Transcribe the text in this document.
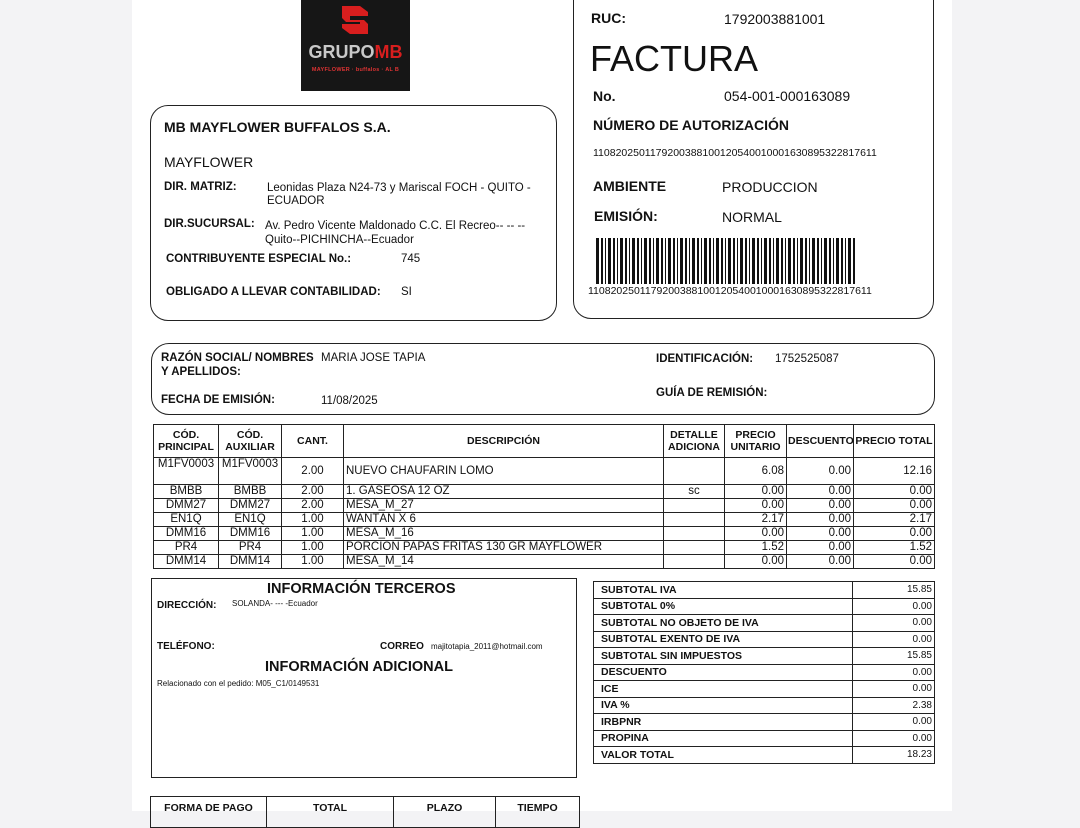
GRUPOMB
MAYFLOWER · buffalos · AL B
MB MAYFLOWER BUFFALOS S.A.
MAYFLOWER
DIR. MATRIZ:	Leonidas Plaza N24-73 y Mariscal FOCH - QUITO -
ECUADOR
DIR.SUCURSAL: Av. Pedro Vicente Maldonado C.C. El Recreo-- -- --
Quito--PICHINCHA--Ecuador
CONTRIBUYENTE ESPECIAL No.:	745
OBLIGADO A LLEVAR CONTABILIDAD: SI
RUC:	1792003881001
FACTURA
No.	054-001-000163089
NÚMERO DE AUTORIZACIÓN
1108202501179200388100120540010001630895322817611
AMBIENTE	PRODUCCION
EMISIÓN:	NORMAL
1108202501179200388100120540010001630895322817611
RAZÓN SOCIAL/ NOMBRES
Y APELLIDOS:
MARIA JOSE TAPIA	IDENTIFICACIÓN: 1752525087
FECHA DE EMISIÓN:	11/08/2025
GUÍA DE REMISIÓN:
CÓD. PRINCIPAL	CÓD. AUXILIAR	CANT.	DESCRIPCIÓN	DETALLE ADICIONA	PRECIO UNITARIO	DESCUENTO	PRECIO TOTAL
M1FV0003	M1FV0003	2.00	NUEVO CHAUFARIN LOMO		6.08	0.00	12.16
BMBB	BMBB	2.00	1. GASEOSA 12 OZ	sc	0.00	0.00	0.00
DMM27	DMM27	2.00	MESA_M_27		0.00	0.00	0.00
EN1Q	EN1Q	1.00	WANTÁN X 6		2.17	0.00	2.17
DMM16	DMM16	1.00	MESA_M_16		0.00	0.00	0.00
PR4	PR4	1.00	PORCIÓN PAPAS FRITAS 130 GR MAYFLOWER		1.52	0.00	1.52
DMM14	DMM14	1.00	MESA_M_14		0.00	0.00	0.00
INFORMACIÓN TERCEROS
DIRECCIÓN: SOLANDA- --- -Ecuador
TELÉFONO:	CORREO majitotapia_2011@hotmail.com
INFORMACIÓN ADICIONAL
Relacionado con el pedido: M05_C1/0149531
SUBTOTAL IVA	15.85
SUBTOTAL 0%	0.00
SUBTOTAL NO OBJETO DE IVA	0.00
SUBTOTAL EXENTO DE IVA	0.00
SUBTOTAL SIN IMPUESTOS	15.85
DESCUENTO	0.00
ICE	0.00
IVA %	2.38
IRBPNR	0.00
PROPINA	0.00
VALOR TOTAL	18.23
FORMA DE PAGO	TOTAL	PLAZO	TIEMPO
